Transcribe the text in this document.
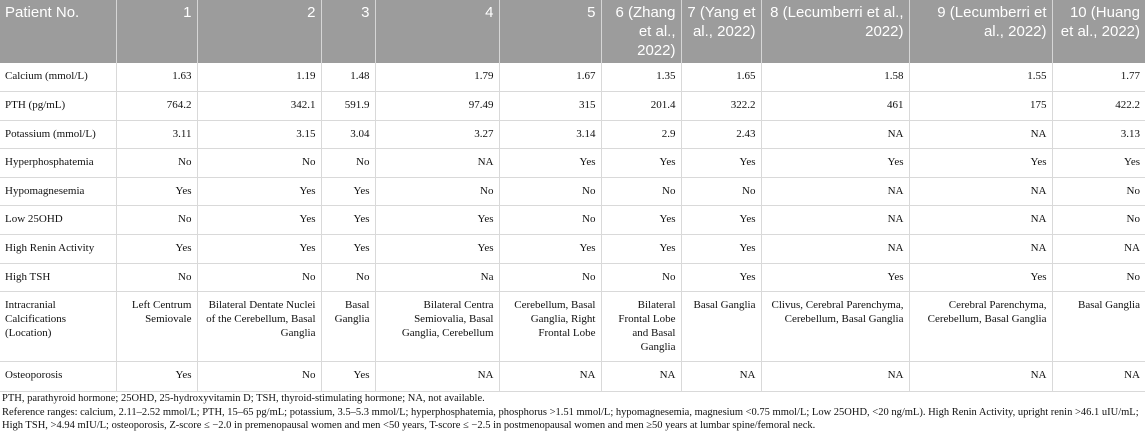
Patient No.	1	2	3	4	5	6 (Zhang et al., 2022)	7 (Yang et al., 2022)	8 (Lecumberri et al., 2022)	9 (Lecumberri et al., 2022)	10 (Huang et al., 2022)
Calcium (mmol/L)	1.63	1.19	1.48	1.79	1.67	1.35	1.65	1.58	1.55	1.77
PTH (pg/mL)	764.2	342.1	591.9	97.49	315	201.4	322.2	461	175	422.2
Potassium (mmol/L)	3.11	3.15	3.04	3.27	3.14	2.9	2.43	NA	NA	3.13
Hyperphosphatemia	No	No	No	NA	Yes	Yes	Yes	Yes	Yes	Yes
Hypomagnesemia	Yes	Yes	Yes	No	No	No	No	NA	NA	No
Low 25OHD	No	Yes	Yes	Yes	No	Yes	Yes	NA	NA	No
High Renin Activity	Yes	Yes	Yes	Yes	Yes	Yes	Yes	NA	NA	NA
High TSH	No	No	No	Na	No	No	Yes	Yes	Yes	No
Intracranial Calcifications (Location)	Left Centrum Semiovale	Bilateral Dentate Nuclei of the Cerebellum, Basal Ganglia	Basal Ganglia	Bilateral Centra Semiovalia, Basal Ganglia, Cerebellum	Cerebellum, Basal Ganglia, Right Frontal Lobe	Bilateral Frontal Lobe and Basal Ganglia	Basal Ganglia	Clivus, Cerebral Parenchyma, Cerebellum, Basal Ganglia	Cerebral Parenchyma, Cerebellum, Basal Ganglia	Basal Ganglia
Osteoporosis	Yes	No	Yes	NA	NA	NA	NA	NA	NA	NA
PTH, parathyroid hormone; 25OHD, 25-hydroxyvitamin D; TSH, thyroid-stimulating hormone; NA, not available.
Reference ranges: calcium, 2.11–2.52 mmol/L; PTH, 15–65 pg/mL; potassium, 3.5–5.3 mmol/L; hyperphosphatemia, phosphorus >1.51 mmol/L; hypomagnesemia, magnesium <0.75 mmol/L; Low 25OHD, <20 ng/mL). High Renin Activity, upright renin >46.1 uIU/mL; High TSH, >4.94 mIU/L; osteoporosis, Z-score ≤ −2.0 in premenopausal women and men <50 years, T-score ≤ −2.5 in postmenopausal women and men ≥50 years at lumbar spine/femoral neck.
